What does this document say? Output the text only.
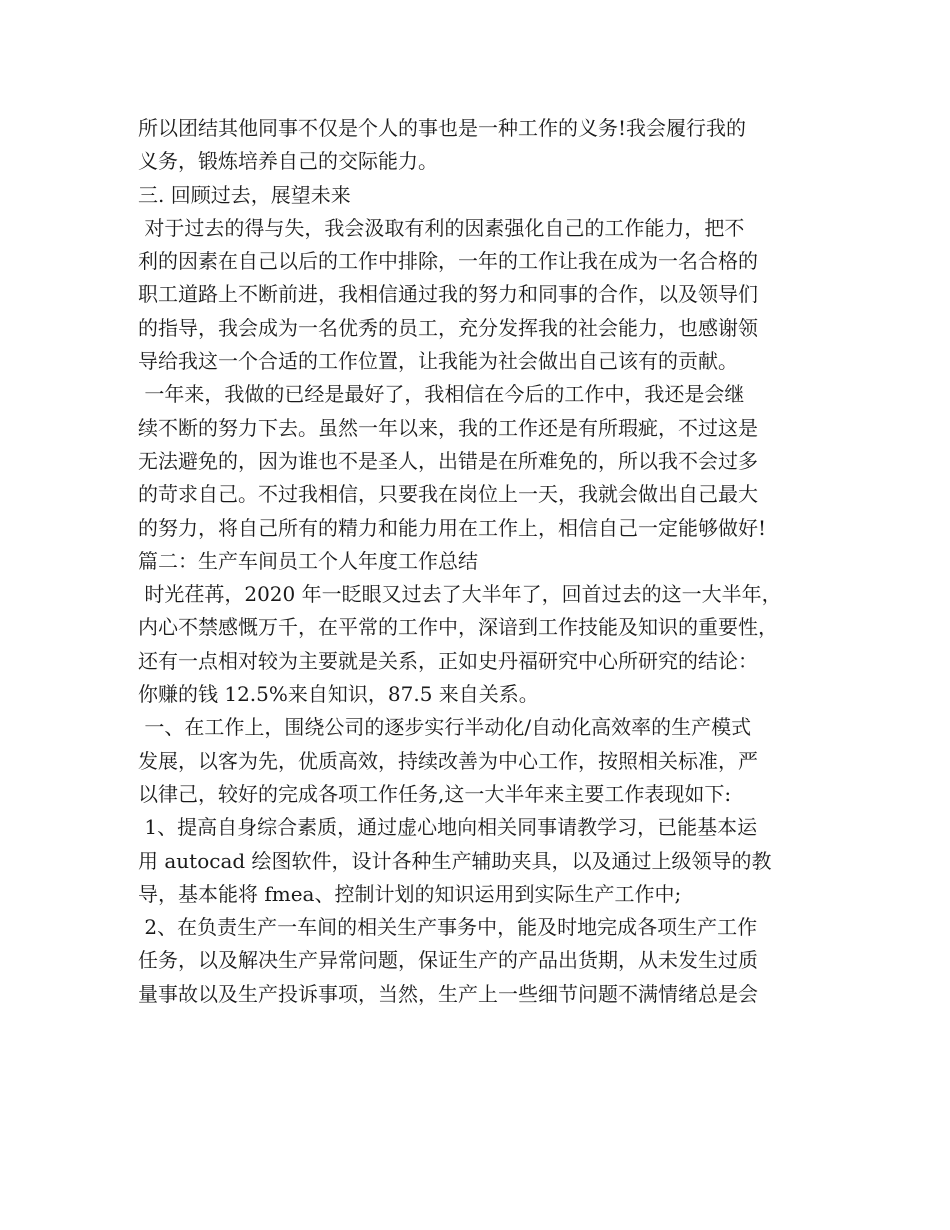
所以团结其他同事不仅是个人的事也是一种工作的义务!我会履行我的
义务，锻炼培养自己的交际能力。
三. 回顾过去，展望未来
对于过去的得与失，我会汲取有利的因素强化自己的工作能力，把不
利的因素在自己以后的工作中排除，一年的工作让我在成为一名合格的
职工道路上不断前进，我相信通过我的努力和同事的合作，以及领导们
的指导，我会成为一名优秀的员工，充分发挥我的社会能力，也感谢领
导给我这一个合适的工作位置，让我能为社会做出自己该有的贡献。
一年来，我做的已经是最好了，我相信在今后的工作中，我还是会继
续不断的努力下去。虽然一年以来，我的工作还是有所瑕疵，不过这是
无法避免的，因为谁也不是圣人，出错是在所难免的，所以我不会过多
的苛求自己。不过我相信，只要我在岗位上一天，我就会做出自己最大
的努力，将自己所有的精力和能力用在工作上，相信自己一定能够做好!
篇二：生产车间员工个人年度工作总结
时光荏苒，2020 年一眨眼又过去了大半年了，回首过去的这一大半年，
内心不禁感慨万千，在平常的工作中，深谙到工作技能及知识的重要性，
还有一点相对较为主要就是关系，正如史丹福研究中心所研究的结论：
你赚的钱 12.5%来自知识，87.5 来自关系。
一、在工作上，围绕公司的逐步实行半动化/自动化高效率的生产模式
发展，以客为先，优质高效，持续改善为中心工作，按照相关标准，严
以律己，较好的完成各项工作任务,这一大半年来主要工作表现如下:
1、提高自身综合素质，通过虚心地向相关同事请教学习，已能基本运
用 autocad 绘图软件，设计各种生产辅助夹具，以及通过上级领导的教
导，基本能将 fmea、控制计划的知识运用到实际生产工作中;
2、在负责生产一车间的相关生产事务中，能及时地完成各项生产工作
任务，以及解决生产异常问题，保证生产的产品出货期，从未发生过质
量事故以及生产投诉事项，当然，生产上一些细节问题不满情绪总是会
